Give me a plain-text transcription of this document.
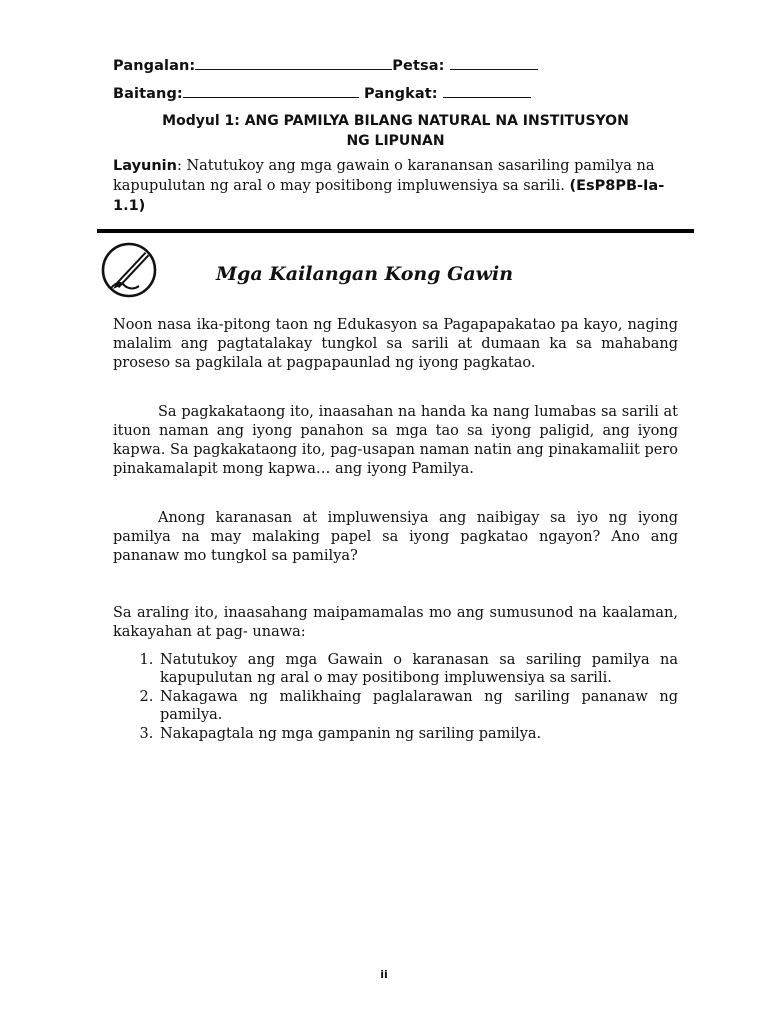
Pangalan:	Petsa:
Baitang:	Pangkat:
Modyul 1: ANG PAMILYA BILANG NATURAL NA INSTITUSYON
NG LIPUNAN
Layunin: Natutukoy ang mga gawain o karanansan sasariling pamilya na kapupulutan ng aral o may positibong impluwensiya sa sarili. (EsP8PB-Ia-1.1)
Mga Kailangan Kong Gawin
Noon nasa ika-pitong taon ng Edukasyon sa Pagapapakatao pa kayo, naging malalim ang pagtatalakay tungkol sa sarili at dumaan ka sa mahabang proseso sa pagkilala at pagpapaunlad ng iyong pagkatao.
Sa pagkakataong ito, inaasahan na handa ka nang lumabas sa sarili at ituon naman ang iyong panahon sa mga tao sa iyong paligid, ang iyong kapwa. Sa pagkakataong ito, pag-usapan naman natin ang pinakamaliit pero pinakamalapit mong kapwa… ang iyong Pamilya.
Anong karanasan at impluwensiya ang naibigay sa iyo ng iyong pamilya na may malaking papel sa iyong pagkatao ngayon? Ano ang pananaw mo tungkol sa pamilya?
Sa araling ito, inaasahang maipamamalas mo ang sumusunod na kaalaman, kakayahan at pag- unawa:
1. Natutukoy ang mga Gawain o karanasan sa sariling pamilya na kapupulutan ng aral o may positibong impluwensiya sa sarili.
2. Nakagawa ng malikhaing paglalarawan ng sariling pananaw ng pamilya.
3. Nakapagtala ng mga gampanin ng sariling pamilya.
ii
